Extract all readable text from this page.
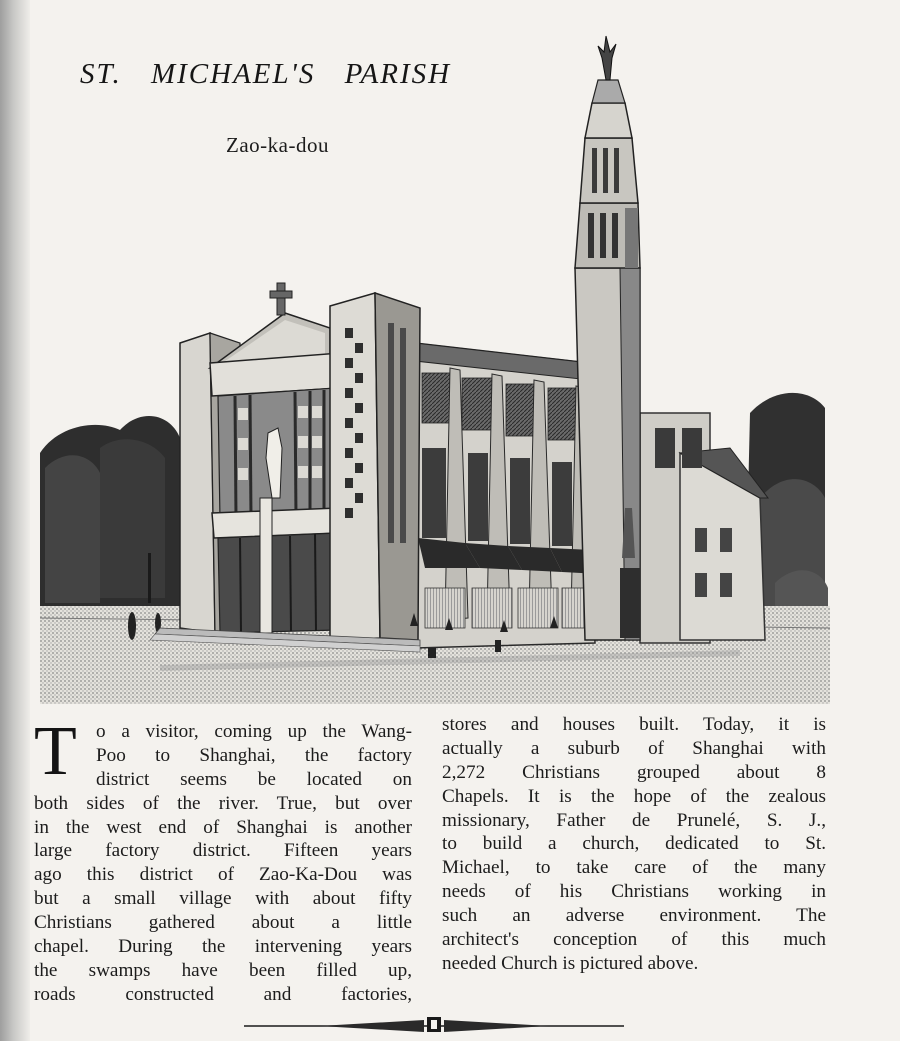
ST. MICHAEL'S PARISH
Zao-ka-dou
T	o a visitor, coming up the Wang-
Poo to Shanghai, the factory
district seems be located on
both sides of the river. True, but over
in the west end of Shanghai is another
large factory district. Fifteen years
ago this district of Zao-Ka-Dou was
but a small village with about fifty
Christians gathered about a little
chapel. During the intervening years
the swamps have been filled up,
roads constructed and factories,
stores and houses built. Today, it is
actually a suburb of Shanghai with
2,272 Christians grouped about 8
Chapels. It is the hope of the zealous
missionary, Father de Prunelé, S. J.,
to build a church, dedicated to St.
Michael, to take care of the many
needs of his Christians working in
such an adverse environment. The
architect's conception of this much
needed Church is pictured above.
